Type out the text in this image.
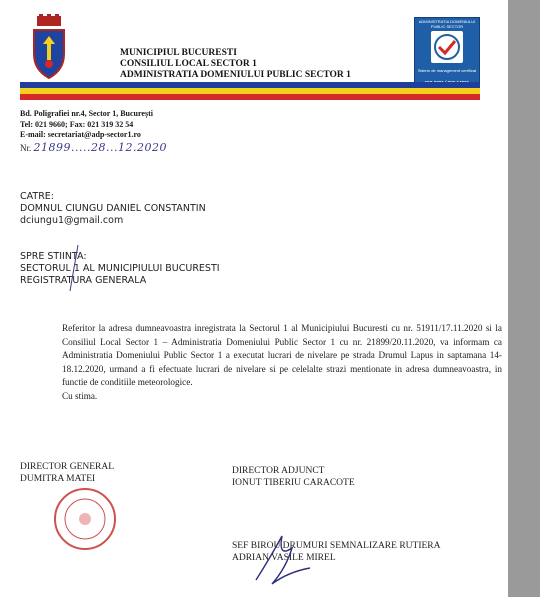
MUNICIPIUL BUCURESTI
CONSILIUL LOCAL SECTOR 1
ADMINISTRATIA DOMENIULUI PUBLIC SECTOR 1
ADMINISTRATIA DOMENIULUI PUBLIC SECTOR
Sistem de management certificat
Bd. Poligrafiei nr.4, Sector 1, București
Tel: 021 9660; Fax: 021 319 32 54
E-mail: secretariat@adp-sector1.ro
Nr. 21899.....28...12.2020
CATRE:
DOMNUL CIUNGU DANIEL CONSTANTIN
dciungu1@gmail.com
SPRE STIINTA:
SECTORUL 1 AL MUNICIPIULUI BUCURESTI
REGISTRATURA GENERALA

Referitor la adresa dumneavoastra inregistrata la Sectorul 1 al Municipiului Bucuresti cu nr. 51911/17.11.2020 si la Consiliul Local Sector 1 – Administratia Domeniului Public Sector 1 cu nr. 21899/20.11.2020, va informam ca Administratia Domeniului Public Sector 1 a executat lucrari de nivelare pe strada Drumul Lapus in saptamana 14-18.12.2020, urmand a fi efectuate lucrari de nivelare si pe celelalte strazi mentionate in adresa dumneavoastra, in functie de conditiile meteorologice.

Cu stima.

DIRECTOR GENERAL
DUMITRA MATEI
DIRECTOR ADJUNCT
IONUT TIBERIU CARACOTE
SEF BIROU DRUMURI SEMNALIZARE RUTIERA
ADRIAN VASILE MIREL
